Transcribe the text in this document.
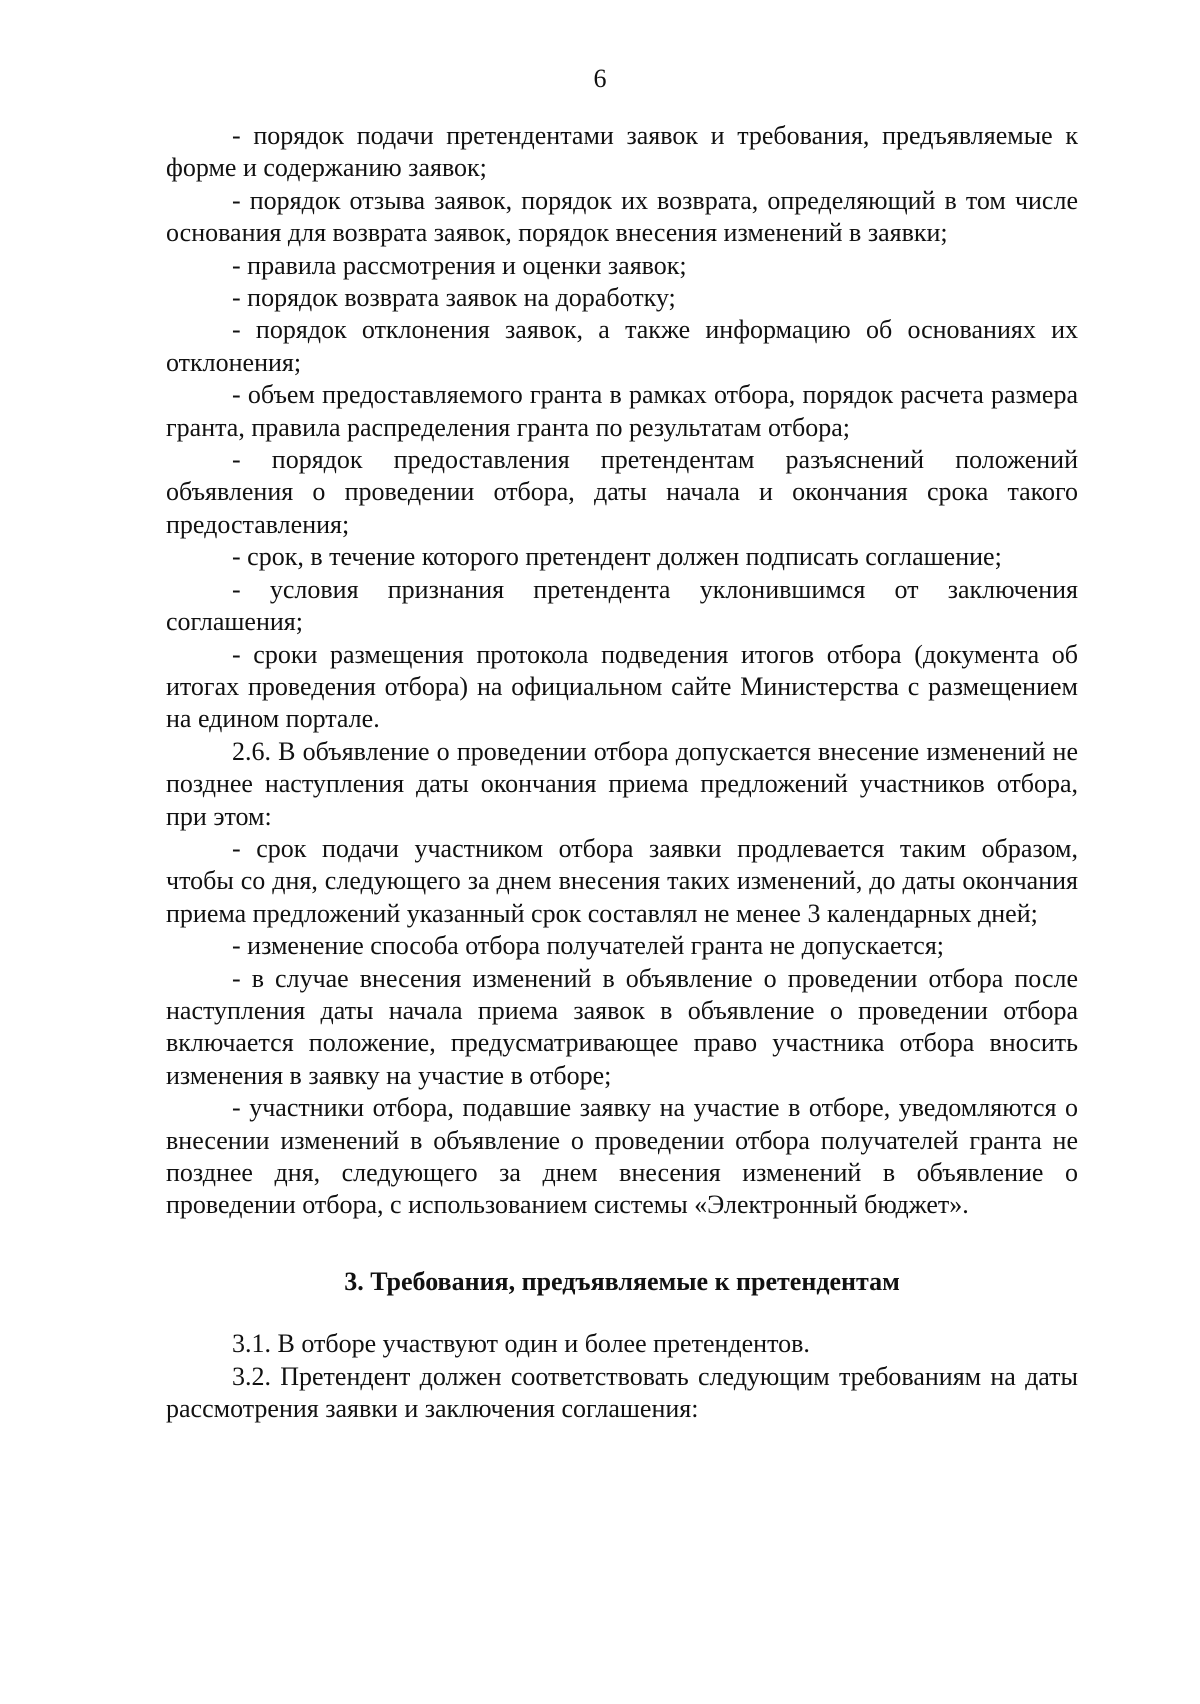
6

- порядок подачи претендентами заявок и требования, предъявляемые к форме и содержанию заявок;

- порядок отзыва заявок, порядок их возврата, определяющий в том числе основания для возврата заявок, порядок внесения изменений в заявки;

- правила рассмотрения и оценки заявок;

- порядок возврата заявок на доработку;

- порядок отклонения заявок, а также информацию об основаниях их отклонения;

- объем предоставляемого гранта в рамках отбора, порядок расчета размера гранта, правила распределения гранта по результатам отбора;

- порядок предоставления претендентам разъяснений положений объявления о проведении отбора, даты начала и окончания срока такого предоставления;

- срок, в течение которого претендент должен подписать соглашение;

- условия признания претендента уклонившимся от заключения соглашения;

- сроки размещения протокола подведения итогов отбора (документа об итогах проведения отбора) на официальном сайте Министерства с размещением на едином портале.

2.6. В объявление о проведении отбора допускается внесение изменений не позднее наступления даты окончания приема предложений участников отбора, при этом:

- срок подачи участником отбора заявки продлевается таким образом, чтобы со дня, следующего за днем внесения таких изменений, до даты окончания приема предложений указанный срок составлял не менее 3 календарных дней;

- изменение способа отбора получателей гранта не допускается;

- в случае внесения изменений в объявление о проведении отбора после наступления даты начала приема заявок в объявление о проведении отбора включается положение, предусматривающее право участника отбора вносить изменения в заявку на участие в отборе;

- участники отбора, подавшие заявку на участие в отборе, уведомляются о внесении изменений в объявление о проведении отбора получателей гранта не позднее дня, следующего за днем внесения изменений в объявление о проведении отбора, с использованием системы «Электронный бюджет».

3. Требования, предъявляемые к претендентам

3.1. В отборе участвуют один и более претендентов.

3.2. Претендент должен соответствовать следующим требованиям на даты рассмотрения заявки и заключения соглашения:
